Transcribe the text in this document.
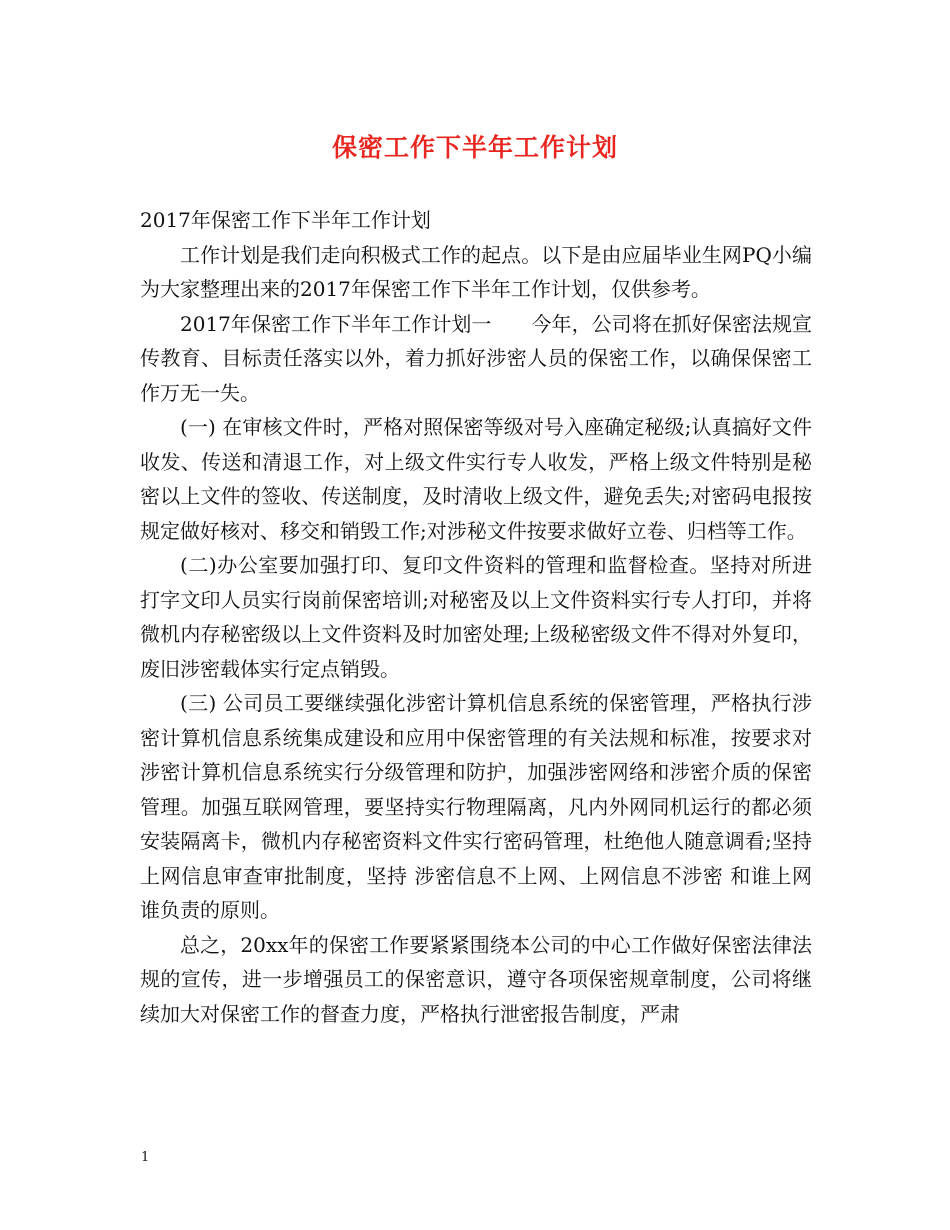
保密工作下半年工作计划

2017年保密工作下半年工作计划

工作计划是我们走向积极式工作的起点。以下是由应届毕业生网PQ小编为大家整理出来的2017年保密工作下半年工作计划，仅供参考。

2017年保密工作下半年工作计划一　　今年，公司将在抓好保密法规宣传教育、目标责任落实以外，着力抓好涉密人员的保密工作，以确保保密工作万无一失。

(一) 在审核文件时，严格对照保密等级对号入座确定秘级;认真搞好文件收发、传送和清退工作，对上级文件实行专人收发，严格上级文件特别是秘密以上文件的签收、传送制度，及时清收上级文件，避免丢失;对密码电报按规定做好核对、移交和销毁工作;对涉秘文件按要求做好立卷、归档等工作。

(二)办公室要加强打印、复印文件资料的管理和监督检查。坚持对所进打字文印人员实行岗前保密培训;对秘密及以上文件资料实行专人打印，并将微机内存秘密级以上文件资料及时加密处理;上级秘密级文件不得对外复印，废旧涉密载体实行定点销毁。

(三) 公司员工要继续强化涉密计算机信息系统的保密管理，严格执行涉密计算机信息系统集成建设和应用中保密管理的有关法规和标准，按要求对涉密计算机信息系统实行分级管理和防护，加强涉密网络和涉密介质的保密管理。加强互联网管理，要坚持实行物理隔离，凡内外网同机运行的都必须安装隔离卡，微机内存秘密资料文件实行密码管理，杜绝他人随意调看;坚持上网信息审查审批制度，坚持 涉密信息不上网、上网信息不涉密 和谁上网谁负责的原则。

总之，20xx年的保密工作要紧紧围绕本公司的中心工作做好保密法律法规的宣传，进一步增强员工的保密意识，遵守各项保密规章制度，公司将继续加大对保密工作的督查力度，严格执行泄密报告制度，严肃

1
